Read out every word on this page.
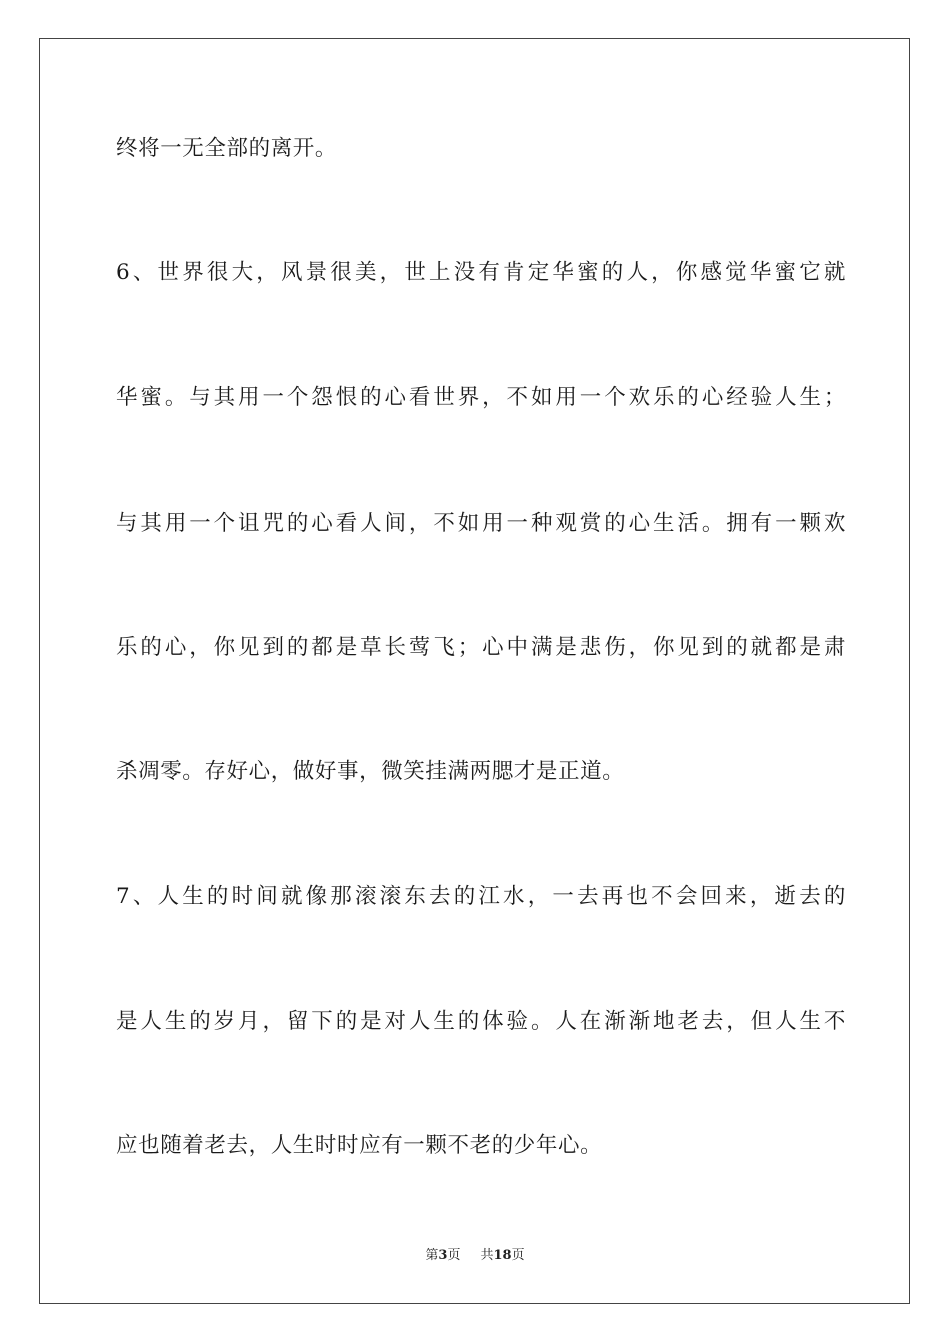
终将一无全部的离开。
6、世界很大，风景很美，世上没有肯定华蜜的人，你感觉华蜜它就
华蜜。与其用一个怨恨的心看世界，不如用一个欢乐的心经验人生；
与其用一个诅咒的心看人间，不如用一种观赏的心生活。拥有一颗欢
乐的心，你见到的都是草长莺飞；心中满是悲伤，你见到的就都是肃
杀凋零。存好心，做好事，微笑挂满两腮才是正道。
7、人生的时间就像那滚滚东去的江水，一去再也不会回来，逝去的
是人生的岁月，留下的是对人生的体验。人在渐渐地老去，但人生不
应也随着老去，人生时时应有一颗不老的少年心。
第3页 共18页
